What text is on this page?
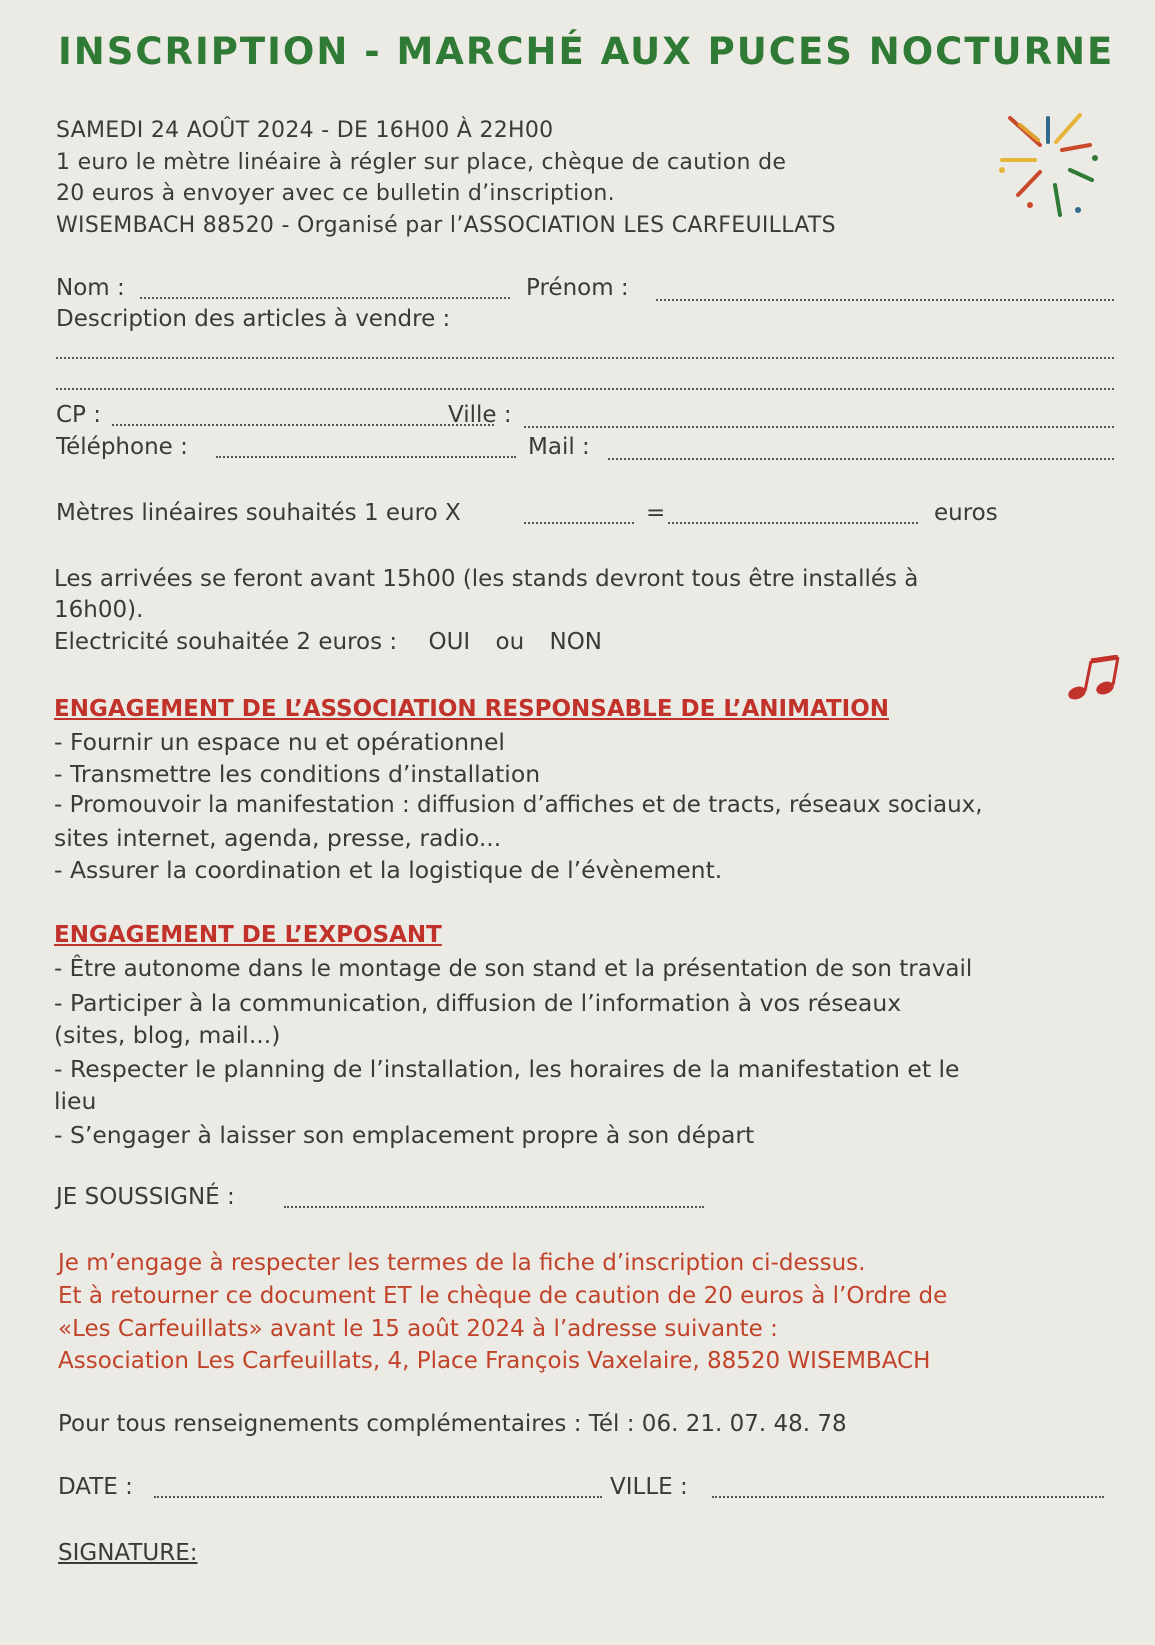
INSCRIPTION - MARCHÉ AUX PUCES NOCTURNE
SAMEDI 24 AOÛT 2024 - DE 16H00 À 22H00
1 euro le mètre linéaire à régler sur place, chèque de caution de
20 euros à envoyer avec ce bulletin d’inscription.
WISEMBACH 88520 - Organisé par l’ASSOCIATION LES CARFEUILLATS
Nom :	Prénom :
Description des articles à vendre :
CP :	Ville :
Téléphone :	Mail :
Mètres linéaires souhaités 1 euro X	=	euros
Les arrivées se feront avant 15h00 (les stands devront tous être installés à
16h00).
Electricité souhaitée 2 euros : OUI ou NON
ENGAGEMENT DE L’ASSOCIATION RESPONSABLE DE L’ANIMATION
- Fournir un espace nu et opérationnel
- Transmettre les conditions d’installation
- Promouvoir la manifestation : diffusion d’affiches et de tracts, réseaux sociaux,
sites internet, agenda, presse, radio...
- Assurer la coordination et la logistique de l’évènement.
ENGAGEMENT DE L’EXPOSANT
- Être autonome dans le montage de son stand et la présentation de son travail
- Participer à la communication, diffusion de l’information à vos réseaux
(sites, blog, mail...)
- Respecter le planning de l’installation, les horaires de la manifestation et le
lieu
- S’engager à laisser son emplacement propre à son départ
JE SOUSSIGNÉ :
Je m’engage à respecter les termes de la fiche d’inscription ci-dessus.
Et à retourner ce document ET le chèque de caution de 20 euros à l’Ordre de
«Les Carfeuillats» avant le 15 août 2024 à l’adresse suivante :
Association Les Carfeuillats, 4, Place François Vaxelaire, 88520 WISEMBACH
Pour tous renseignements complémentaires : Tél : 06. 21. 07. 48. 78
DATE :	VILLE :
SIGNATURE:
